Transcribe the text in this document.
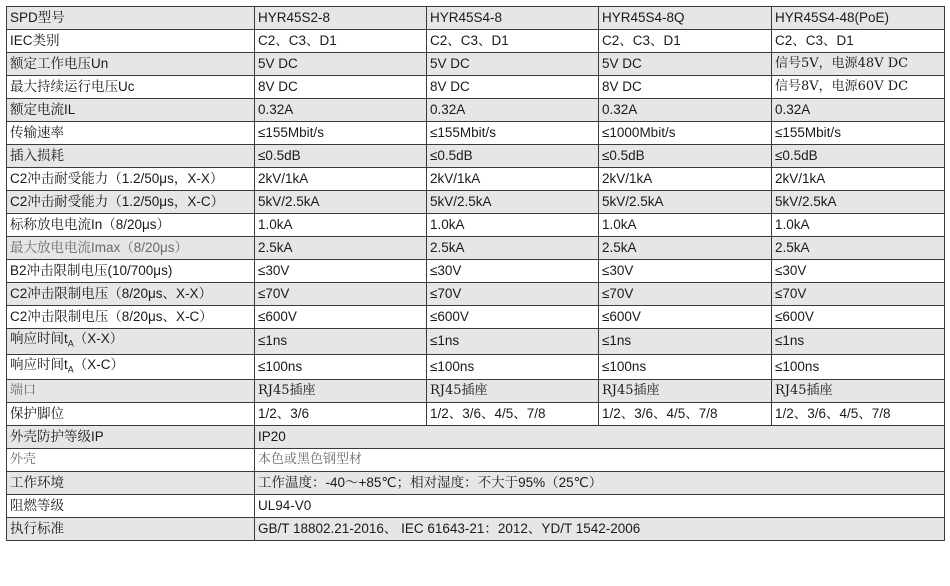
SPD型号	HYR45S2-8	HYR45S4-8	HYR45S4-8Q	HYR45S4-48(PoE)
IEC类别	C2、C3、D1	C2、C3、D1	C2、C3、D1	C2、C3、D1
额定工作电压Un	5V DC	5V DC	5V DC	信号5V，电源48V DC
最大持续运行电压Uc	8V DC	8V DC	8V DC	信号8V，电源60V DC
额定电流IL	0.32A	0.32A	0.32A	0.32A
传输速率	≤155Mbit/s	≤155Mbit/s	≤1000Mbit/s	≤155Mbit/s
插入损耗	≤0.5dB	≤0.5dB	≤0.5dB	≤0.5dB
C2冲击耐受能力（1.2/50μs，X-X）	2kV/1kA	2kV/1kA	2kV/1kA	2kV/1kA
C2冲击耐受能力（1.2/50μs，X-C）	5kV/2.5kA	5kV/2.5kA	5kV/2.5kA	5kV/2.5kA
标称放电电流In（8/20μs）	1.0kA	1.0kA	1.0kA	1.0kA
最大放电电流Imax（8/20μs）	2.5kA	2.5kA	2.5kA	2.5kA
B2冲击限制电压(10/700μs)	≤30V	≤30V	≤30V	≤30V
C2冲击限制电压（8/20μs、X-X）	≤70V	≤70V	≤70V	≤70V
C2冲击限制电压（8/20μs、X-C）	≤600V	≤600V	≤600V	≤600V
响应时间$t_A(X-X)$	≤1ns	≤1ns	≤1ns	≤1ns
响应时间$t_A(X-C)$	≤100ns	≤100ns	≤100ns	≤100ns
端口	RJ45插座	RJ45插座	RJ45插座	RJ45插座
保护脚位	1/2、3/6	1/2、3/6、4/5、7/8	1/2、3/6、4/5、7/8	1/2、3/6、4/5、7/8
外壳防护等级IP	IP20			
外壳	本色或黑色钢型材			
工作环境	工作温度：-40～+85℃；相对湿度：不大于95%（25℃）			
阻燃等级	UL94-V0			
执行标准	GB/T 18802.21-2016、 IEC 61643-21：2012、YD/T 1542-2006			
